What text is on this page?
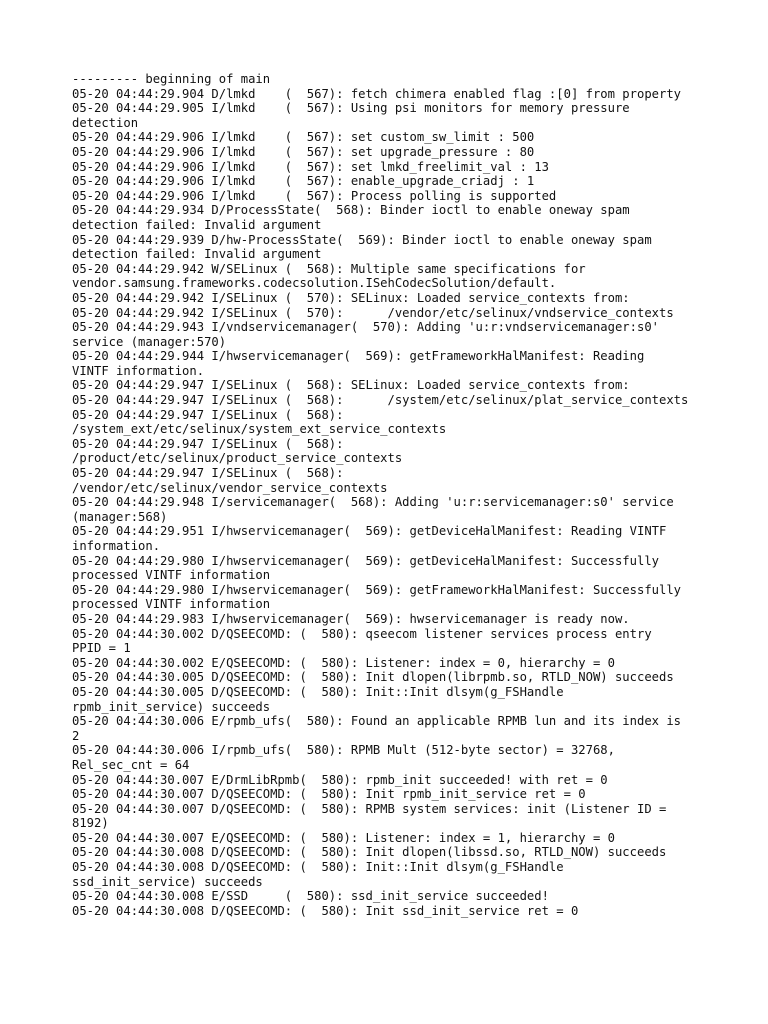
--------- beginning of main
05-20 04:44:29.904 D/lmkd    (  567): fetch chimera enabled flag :[0] from property
05-20 04:44:29.905 I/lmkd    (  567): Using psi monitors for memory pressure
detection
05-20 04:44:29.906 I/lmkd    (  567): set custom_sw_limit : 500
05-20 04:44:29.906 I/lmkd    (  567): set upgrade_pressure : 80
05-20 04:44:29.906 I/lmkd    (  567): set lmkd_freelimit_val : 13
05-20 04:44:29.906 I/lmkd    (  567): enable_upgrade_criadj : 1
05-20 04:44:29.906 I/lmkd    (  567): Process polling is supported
05-20 04:44:29.934 D/ProcessState(  568): Binder ioctl to enable oneway spam
detection failed: Invalid argument
05-20 04:44:29.939 D/hw-ProcessState(  569): Binder ioctl to enable oneway spam
detection failed: Invalid argument
05-20 04:44:29.942 W/SELinux (  568): Multiple same specifications for
vendor.samsung.frameworks.codecsolution.ISehCodecSolution/default.
05-20 04:44:29.942 I/SELinux (  570): SELinux: Loaded service_contexts from:
05-20 04:44:29.942 I/SELinux (  570):      /vendor/etc/selinux/vndservice_contexts
05-20 04:44:29.943 I/vndservicemanager(  570): Adding 'u:r:vndservicemanager:s0'
service (manager:570)
05-20 04:44:29.944 I/hwservicemanager(  569): getFrameworkHalManifest: Reading
VINTF information.
05-20 04:44:29.947 I/SELinux (  568): SELinux: Loaded service_contexts from:
05-20 04:44:29.947 I/SELinux (  568):      /system/etc/selinux/plat_service_contexts
05-20 04:44:29.947 I/SELinux (  568):
/system_ext/etc/selinux/system_ext_service_contexts
05-20 04:44:29.947 I/SELinux (  568):
/product/etc/selinux/product_service_contexts
05-20 04:44:29.947 I/SELinux (  568):
/vendor/etc/selinux/vendor_service_contexts
05-20 04:44:29.948 I/servicemanager(  568): Adding 'u:r:servicemanager:s0' service
(manager:568)
05-20 04:44:29.951 I/hwservicemanager(  569): getDeviceHalManifest: Reading VINTF
information.
05-20 04:44:29.980 I/hwservicemanager(  569): getDeviceHalManifest: Successfully
processed VINTF information
05-20 04:44:29.980 I/hwservicemanager(  569): getFrameworkHalManifest: Successfully
processed VINTF information
05-20 04:44:29.983 I/hwservicemanager(  569): hwservicemanager is ready now.
05-20 04:44:30.002 D/QSEECOMD: (  580): qseecom listener services process entry
PPID = 1
05-20 04:44:30.002 E/QSEECOMD: (  580): Listener: index = 0, hierarchy = 0
05-20 04:44:30.005 D/QSEECOMD: (  580): Init dlopen(librpmb.so, RTLD_NOW) succeeds
05-20 04:44:30.005 D/QSEECOMD: (  580): Init::Init dlsym(g_FSHandle
rpmb_init_service) succeeds
05-20 04:44:30.006 E/rpmb_ufs(  580): Found an applicable RPMB lun and its index is
2
05-20 04:44:30.006 I/rpmb_ufs(  580): RPMB Mult (512-byte sector) = 32768,
Rel_sec_cnt = 64
05-20 04:44:30.007 E/DrmLibRpmb(  580): rpmb_init succeeded! with ret = 0
05-20 04:44:30.007 D/QSEECOMD: (  580): Init rpmb_init_service ret = 0
05-20 04:44:30.007 D/QSEECOMD: (  580): RPMB system services: init (Listener ID =
8192)
05-20 04:44:30.007 E/QSEECOMD: (  580): Listener: index = 1, hierarchy = 0
05-20 04:44:30.008 D/QSEECOMD: (  580): Init dlopen(libssd.so, RTLD_NOW) succeeds
05-20 04:44:30.008 D/QSEECOMD: (  580): Init::Init dlsym(g_FSHandle
ssd_init_service) succeeds
05-20 04:44:30.008 E/SSD     (  580): ssd_init_service succeeded!
05-20 04:44:30.008 D/QSEECOMD: (  580): Init ssd_init_service ret = 0
